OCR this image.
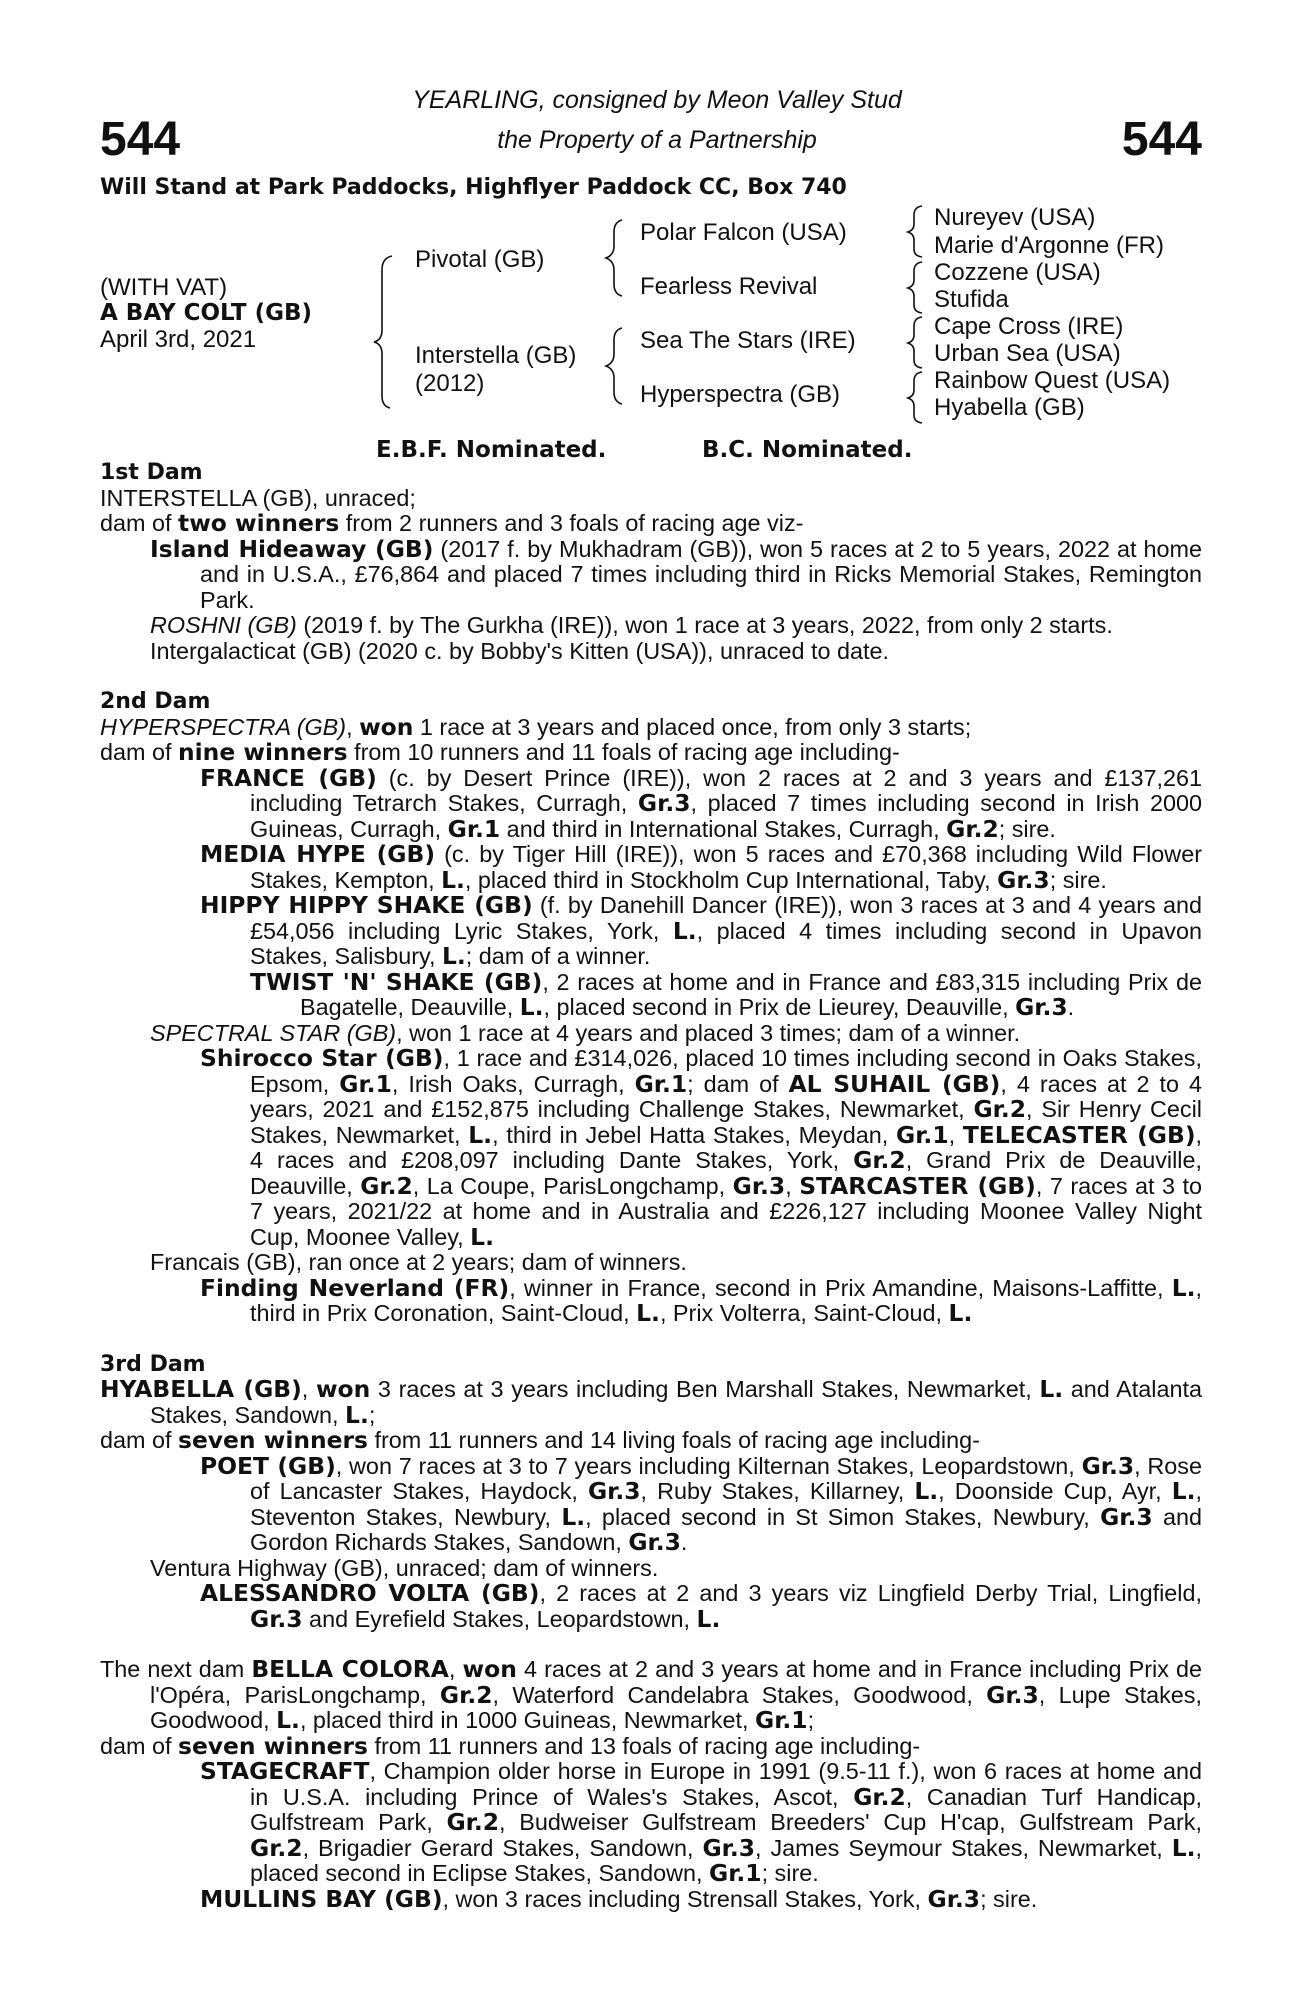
544	544
YEARLING, consigned by Meon Valley Stud
the Property of a Partnership
Will Stand at Park Paddocks, Highflyer Paddock CC, Box 740
(WITH VAT)
A BAY COLT (GB)
April 3rd, 2021
Pivotal (GB)
Interstella (GB)
(2012)
Polar Falcon (USA)
Fearless Revival
Sea The Stars (IRE)
Hyperspectra (GB)
Nureyev (USA)
Marie d'Argonne (FR)
Cozzene (USA)
Stufida
Cape Cross (IRE)
Urban Sea (USA)
Rainbow Quest (USA)
Hyabella (GB)
E.B.F. Nominated.	B.C. Nominated.

1st Dam

INTERSTELLA (GB), unraced;

dam of two winners from 2 runners and 3 foals of racing age viz-

Island Hideaway (GB) (2017 f. by Mukhadram (GB)), won 5 races at 2 to 5 years, 2022 at home and in U.S.A., £76,864 and placed 7 times including third in Ricks Memorial Stakes, Remington Park.

ROSHNI (GB) (2019 f. by The Gurkha (IRE)), won 1 race at 3 years, 2022, from only 2 starts.

Intergalacticat (GB) (2020 c. by Bobby's Kitten (USA)), unraced to date.

2nd Dam

HYPERSPECTRA (GB), won 1 race at 3 years and placed once, from only 3 starts;

dam of nine winners from 10 runners and 11 foals of racing age including-

FRANCE (GB) (c. by Desert Prince (IRE)), won 2 races at 2 and 3 years and £137,261 including Tetrarch Stakes, Curragh, Gr.3, placed 7 times including second in Irish 2000 Guineas, Curragh, Gr.1 and third in International Stakes, Curragh, Gr.2; sire.

MEDIA HYPE (GB) (c. by Tiger Hill (IRE)), won 5 races and £70,368 including Wild Flower Stakes, Kempton, L., placed third in Stockholm Cup International, Taby, Gr.3; sire.

HIPPY HIPPY SHAKE (GB) (f. by Danehill Dancer (IRE)), won 3 races at 3 and 4 years and £54,056 including Lyric Stakes, York, L., placed 4 times including second in Upavon Stakes, Salisbury, L.; dam of a winner.

TWIST 'N' SHAKE (GB), 2 races at home and in France and £83,315 including Prix de Bagatelle, Deauville, L., placed second in Prix de Lieurey, Deauville, Gr.3.

SPECTRAL STAR (GB), won 1 race at 4 years and placed 3 times; dam of a winner.

Shirocco Star (GB), 1 race and £314,026, placed 10 times including second in Oaks Stakes, Epsom, Gr.1, Irish Oaks, Curragh, Gr.1; dam of AL SUHAIL (GB), 4 races at 2 to 4 years, 2021 and £152,875 including Challenge Stakes, Newmarket, Gr.2, Sir Henry Cecil Stakes, Newmarket, L., third in Jebel Hatta Stakes, Meydan, Gr.1, TELECASTER (GB), 4 races and £208,097 including Dante Stakes, York, Gr.2, Grand Prix de Deauville, Deauville, Gr.2, La Coupe, ParisLongchamp, Gr.3, STARCASTER (GB), 7 races at 3 to 7 years, 2021/22 at home and in Australia and £226,127 including Moonee Valley Night Cup, Moonee Valley, L.

Francais (GB), ran once at 2 years; dam of winners.

Finding Neverland (FR), winner in France, second in Prix Amandine, Maisons-Laffitte, L., third in Prix Coronation, Saint-Cloud, L., Prix Volterra, Saint-Cloud, L.

3rd Dam

HYABELLA (GB), won 3 races at 3 years including Ben Marshall Stakes, Newmarket, L. and Atalanta Stakes, Sandown, L.;

dam of seven winners from 11 runners and 14 living foals of racing age including-

POET (GB), won 7 races at 3 to 7 years including Kilternan Stakes, Leopardstown, Gr.3, Rose of Lancaster Stakes, Haydock, Gr.3, Ruby Stakes, Killarney, L., Doonside Cup, Ayr, L., Steventon Stakes, Newbury, L., placed second in St Simon Stakes, Newbury, Gr.3 and Gordon Richards Stakes, Sandown, Gr.3.

Ventura Highway (GB), unraced; dam of winners.

ALESSANDRO VOLTA (GB), 2 races at 2 and 3 years viz Lingfield Derby Trial, Lingfield, Gr.3 and Eyrefield Stakes, Leopardstown, L.

The next dam BELLA COLORA, won 4 races at 2 and 3 years at home and in France including Prix de l'Opéra, ParisLongchamp, Gr.2, Waterford Candelabra Stakes, Goodwood, Gr.3, Lupe Stakes, Goodwood, L., placed third in 1000 Guineas, Newmarket, Gr.1;

dam of seven winners from 11 runners and 13 foals of racing age including-

STAGECRAFT, Champion older horse in Europe in 1991 (9.5-11 f.), won 6 races at home and in U.S.A. including Prince of Wales's Stakes, Ascot, Gr.2, Canadian Turf Handicap, Gulfstream Park, Gr.2, Budweiser Gulfstream Breeders' Cup H'cap, Gulfstream Park, Gr.2, Brigadier Gerard Stakes, Sandown, Gr.3, James Seymour Stakes, Newmarket, L., placed second in Eclipse Stakes, Sandown, Gr.1; sire.

MULLINS BAY (GB), won 3 races including Strensall Stakes, York, Gr.3; sire.
